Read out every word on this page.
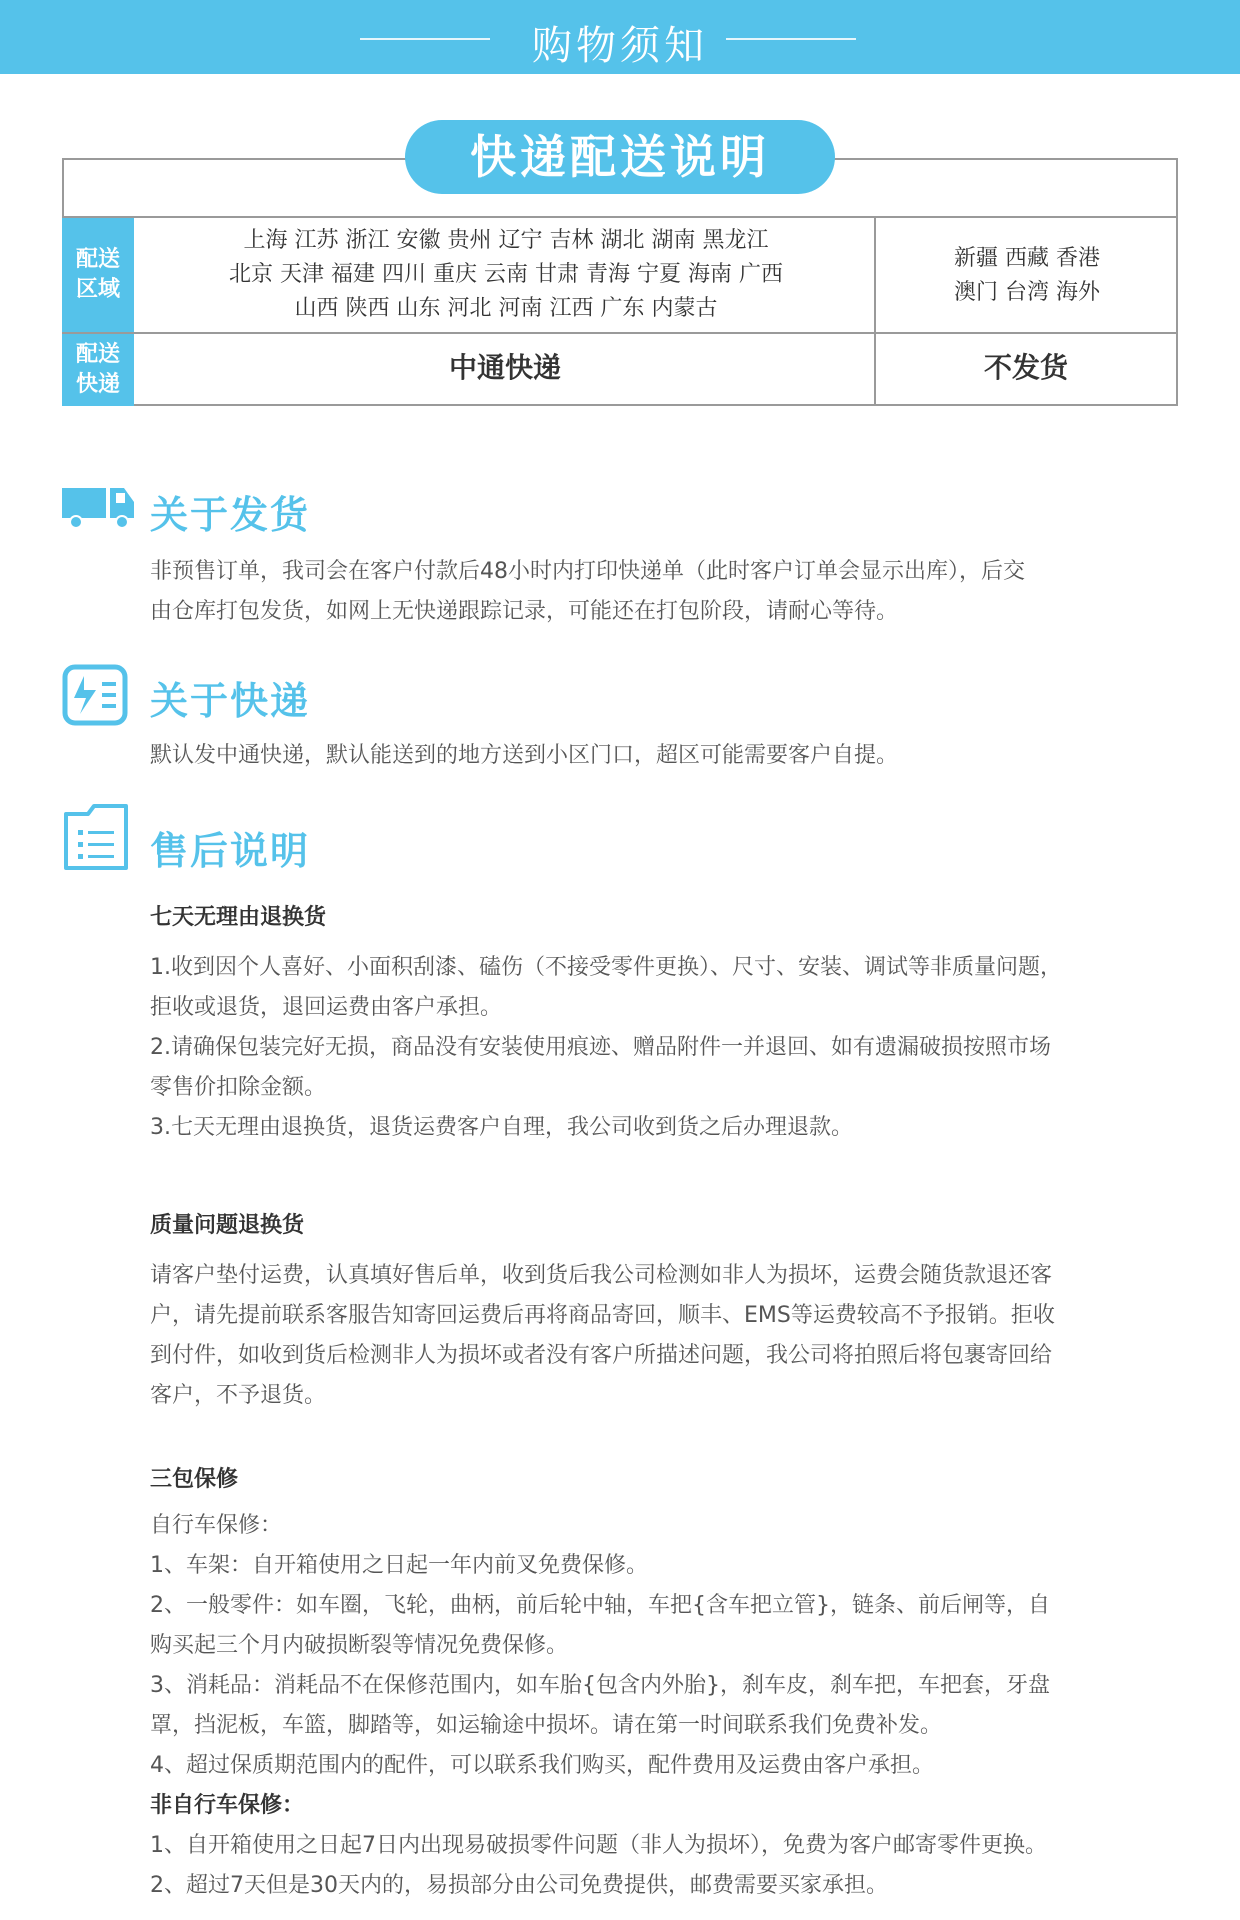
购物须知
快递配送说明
配送
区域
配送
快递
上海 江苏 浙江 安徽 贵州 辽宁 吉林 湖北 湖南 黑龙江
北京 天津 福建 四川 重庆 云南 甘肃 青海 宁夏 海南 广西
山西 陕西 山东 河北 河南 江西 广东 内蒙古
新疆 西藏 香港
澳门 台湾 海外
中通快递	不发货
关于发货
非预售订单，我司会在客户付款后48小时内打印快递单（此时客户订单会显示出库），后交
由仓库打包发货，如网上无快递跟踪记录，可能还在打包阶段，请耐心等待。
关于快递
默认发中通快递，默认能送到的地方送到小区门口，超区可能需要客户自提。
售后说明
七天无理由退换货
1.收到因个人喜好、小面积刮漆、磕伤（不接受零件更换）、尺寸、安装、调试等非质量问题，
拒收或退货，退回运费由客户承担。
2.请确保包装完好无损，商品没有安装使用痕迹、赠品附件一并退回、如有遗漏破损按照市场
零售价扣除金额。
3.七天无理由退换货，退货运费客户自理，我公司收到货之后办理退款。
质量问题退换货
请客户垫付运费，认真填好售后单，收到货后我公司检测如非人为损坏，运费会随货款退还客
户，请先提前联系客服告知寄回运费后再将商品寄回，顺丰、EMS等运费较高不予报销。拒收
到付件，如收到货后检测非人为损坏或者没有客户所描述问题，我公司将拍照后将包裹寄回给
客户，不予退货。
三包保修
自行车保修：
1、车架：自开箱使用之日起一年内前叉免费保修。
2、一般零件：如车圈，飞轮，曲柄，前后轮中轴，车把{含车把立管}，链条、前后闸等，自
购买起三个月内破损断裂等情况免费保修。
3、消耗品：消耗品不在保修范围内，如车胎{包含内外胎}，刹车皮，刹车把，车把套，牙盘
罩，挡泥板，车篮，脚踏等，如运输途中损坏。请在第一时间联系我们免费补发。
4、超过保质期范围内的配件，可以联系我们购买，配件费用及运费由客户承担。
非自行车保修：
1、自开箱使用之日起7日内出现易破损零件问题（非人为损坏），免费为客户邮寄零件更换。
2、超过7天但是30天内的，易损部分由公司免费提供，邮费需要买家承担。
